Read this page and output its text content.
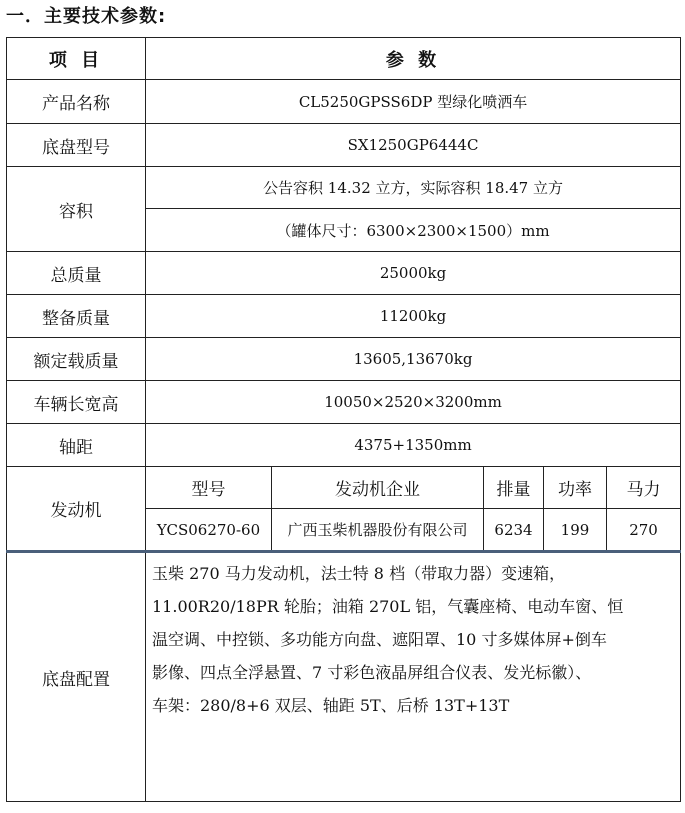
一．主要技术参数:
项 目	参 数				
产品名称	CL5250GPSS6DP 型绿化喷洒车				
底盘型号	SX1250GP6444C				
容积	公告容积 14.32 立方，实际容积 18.47 立方				
	（罐体尺寸：6300×2300×1500）mm				
总质量	25000kg				
整备质量	11200kg				
额定载质量	13605,13670kg				
车辆长宽高	10050×2520×3200mm				
轴距	4375+1350mm				
发动机	型号	发动机企业	排量	功率	马力
	YCS06270-60	广西玉柴机器股份有限公司	6234	199	270
底盘配置	玉柴 270 马力发动机，法士特 8 档（带取力器）变速箱，
11.00R20/18PR 轮胎；油箱 270L 铝，气囊座椅、电动车窗、恒
温空调、中控锁、多功能方向盘、遮阳罩、10 寸多媒体屏+倒车
影像、四点全浮悬置、7 寸彩色液晶屏组合仪表、发光标徽）、
车架：280/8+6 双层、轴距 5T、后桥 13T+13T				
